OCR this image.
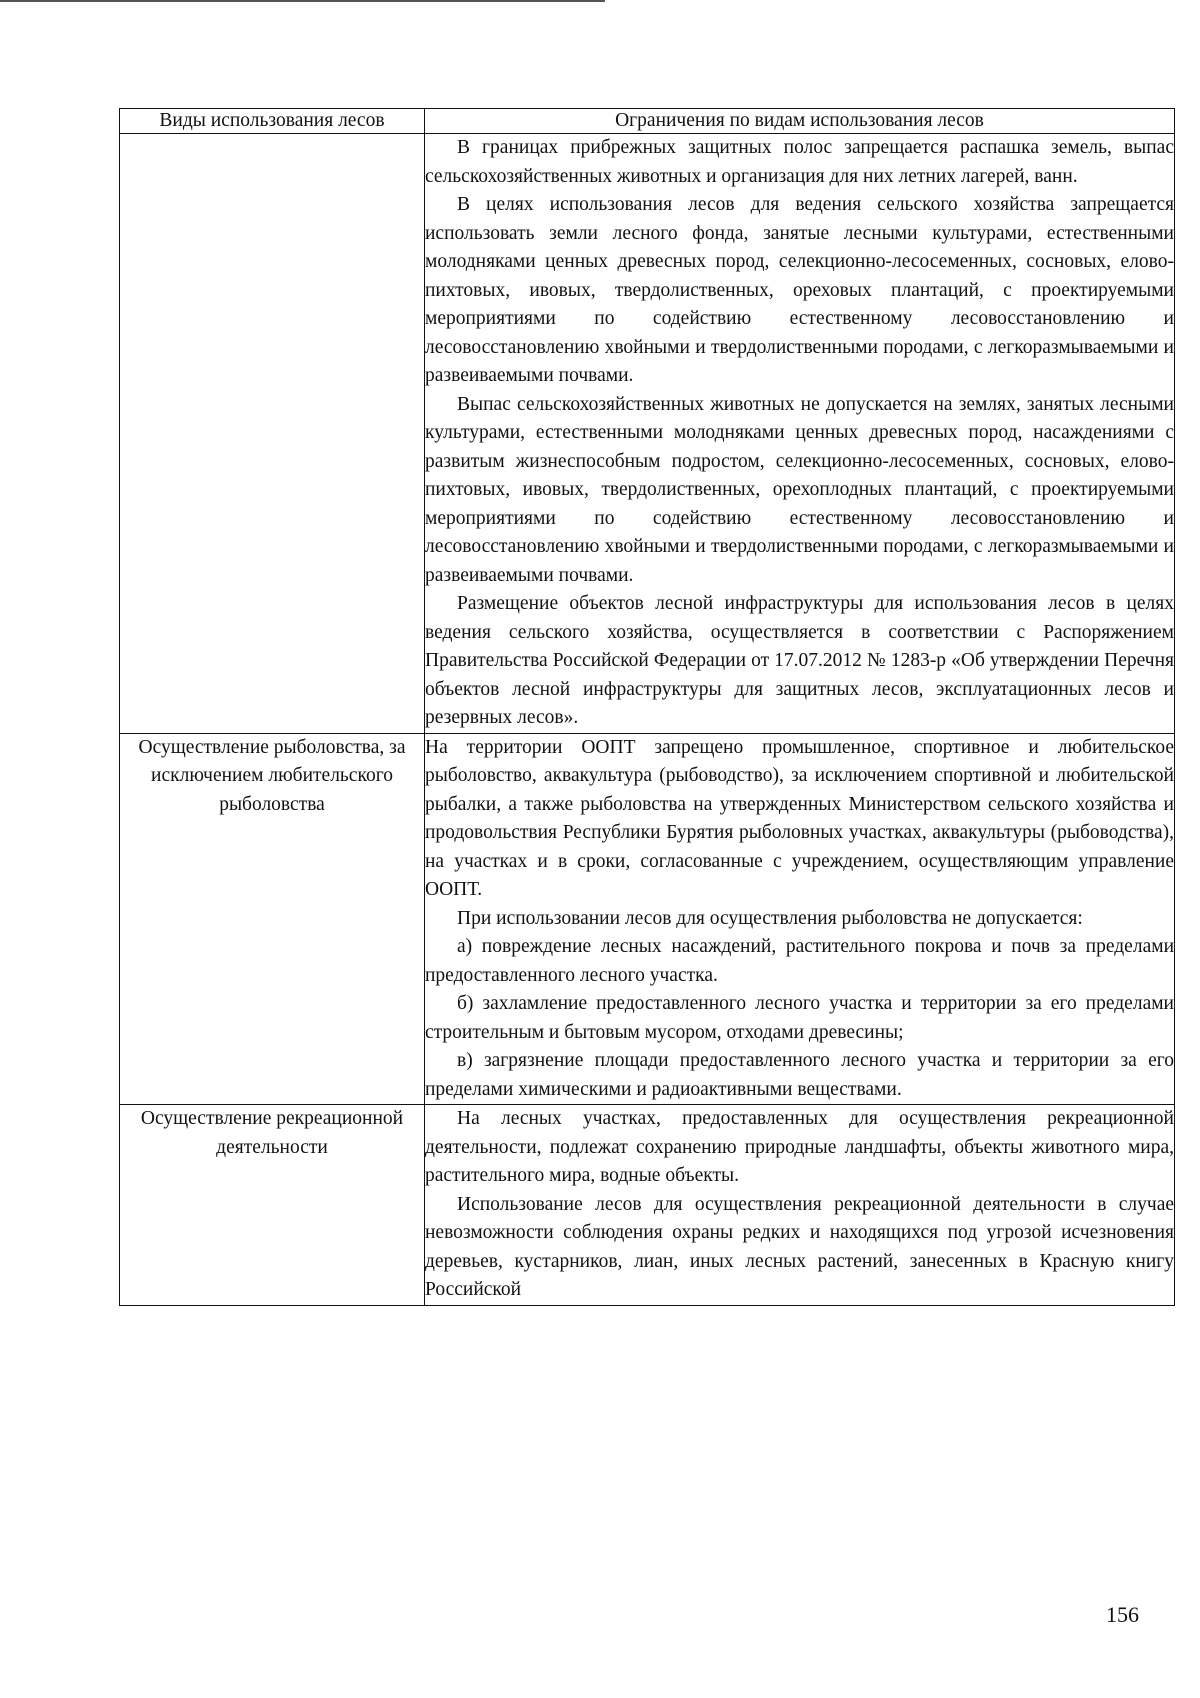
Виды использования лесов	Ограничения по видам использования лесов

	В границах прибрежных защитных полос запрещается распашка земель, выпас сельскохозяйственных животных и организация для них летних лагерей, ванн.

В целях использования лесов для ведения сельского хозяйства запрещается использовать земли лесного фонда, занятые лесными культурами, естественными молодняками ценных древесных пород, селекционно-лесосеменных, сосновых, елово-пихтовых, ивовых, твердолиственных, ореховых плантаций, с проектируемыми мероприятиями по содействию естественному лесовосстановлению и лесовосстановлению хвойными и твердолиственными породами, с легкоразмываемыми и развеиваемыми почвами.

Выпас сельскохозяйственных животных не допускается на землях, занятых лесными культурами, естественными молодняками ценных древесных пород, насаждениями с развитым жизнеспособным подростом, селекционно-лесосеменных, сосновых, елово-пихтовых, ивовых, твердолиственных, орехоплодных плантаций, с проектируемыми мероприятиями по содействию естественному лесовосстановлению и лесовосстановлению хвойными и твердолиственными породами, с легкоразмываемыми и развеиваемыми почвами.

Размещение объектов лесной инфраструктуры для использования лесов в целях ведения сельского хозяйства, осуществляется в соответствии с Распоряжением Правительства Российской Федерации от 17.07.2012 № 1283-р «Об утверждении Перечня объектов лесной инфраструктуры для защитных лесов, эксплуатационных лесов и резервных лесов».

Осуществление рыболовства, за исключением любительского рыболовства	На территории ООПТ запрещено промышленное, спортивное и любительское рыболовство, аквакультура (рыбоводство), за исключением спортивной и любительской рыбалки, а также рыболовства на утвержденных Министерством сельского хозяйства и продовольствия Республики Бурятия рыболовных участках, аквакультуры (рыбоводства), на участках и в сроки, согласованные с учреждением, осуществляющим управление ООПТ.

При использовании лесов для осуществления рыболовства не допускается:

а) повреждение лесных насаждений, растительного покрова и почв за пределами предоставленного лесного участка.

б) захламление предоставленного лесного участка и территории за его пределами строительным и бытовым мусором, отходами древесины;

в) загрязнение площади предоставленного лесного участка и территории за его пределами химическими и радиоактивными веществами.

Осуществление рекреационной деятельности	На лесных участках, предоставленных для осуществления рекреационной деятельности, подлежат сохранению природные ландшафты, объекты животного мира, растительного мира, водные объекты.

Использование лесов для осуществления рекреационной деятельности в случае невозможности соблюдения охраны редких и находящихся под угрозой исчезновения деревьев, кустарников, лиан, иных лесных растений, занесенных в Красную книгу Российской

156
